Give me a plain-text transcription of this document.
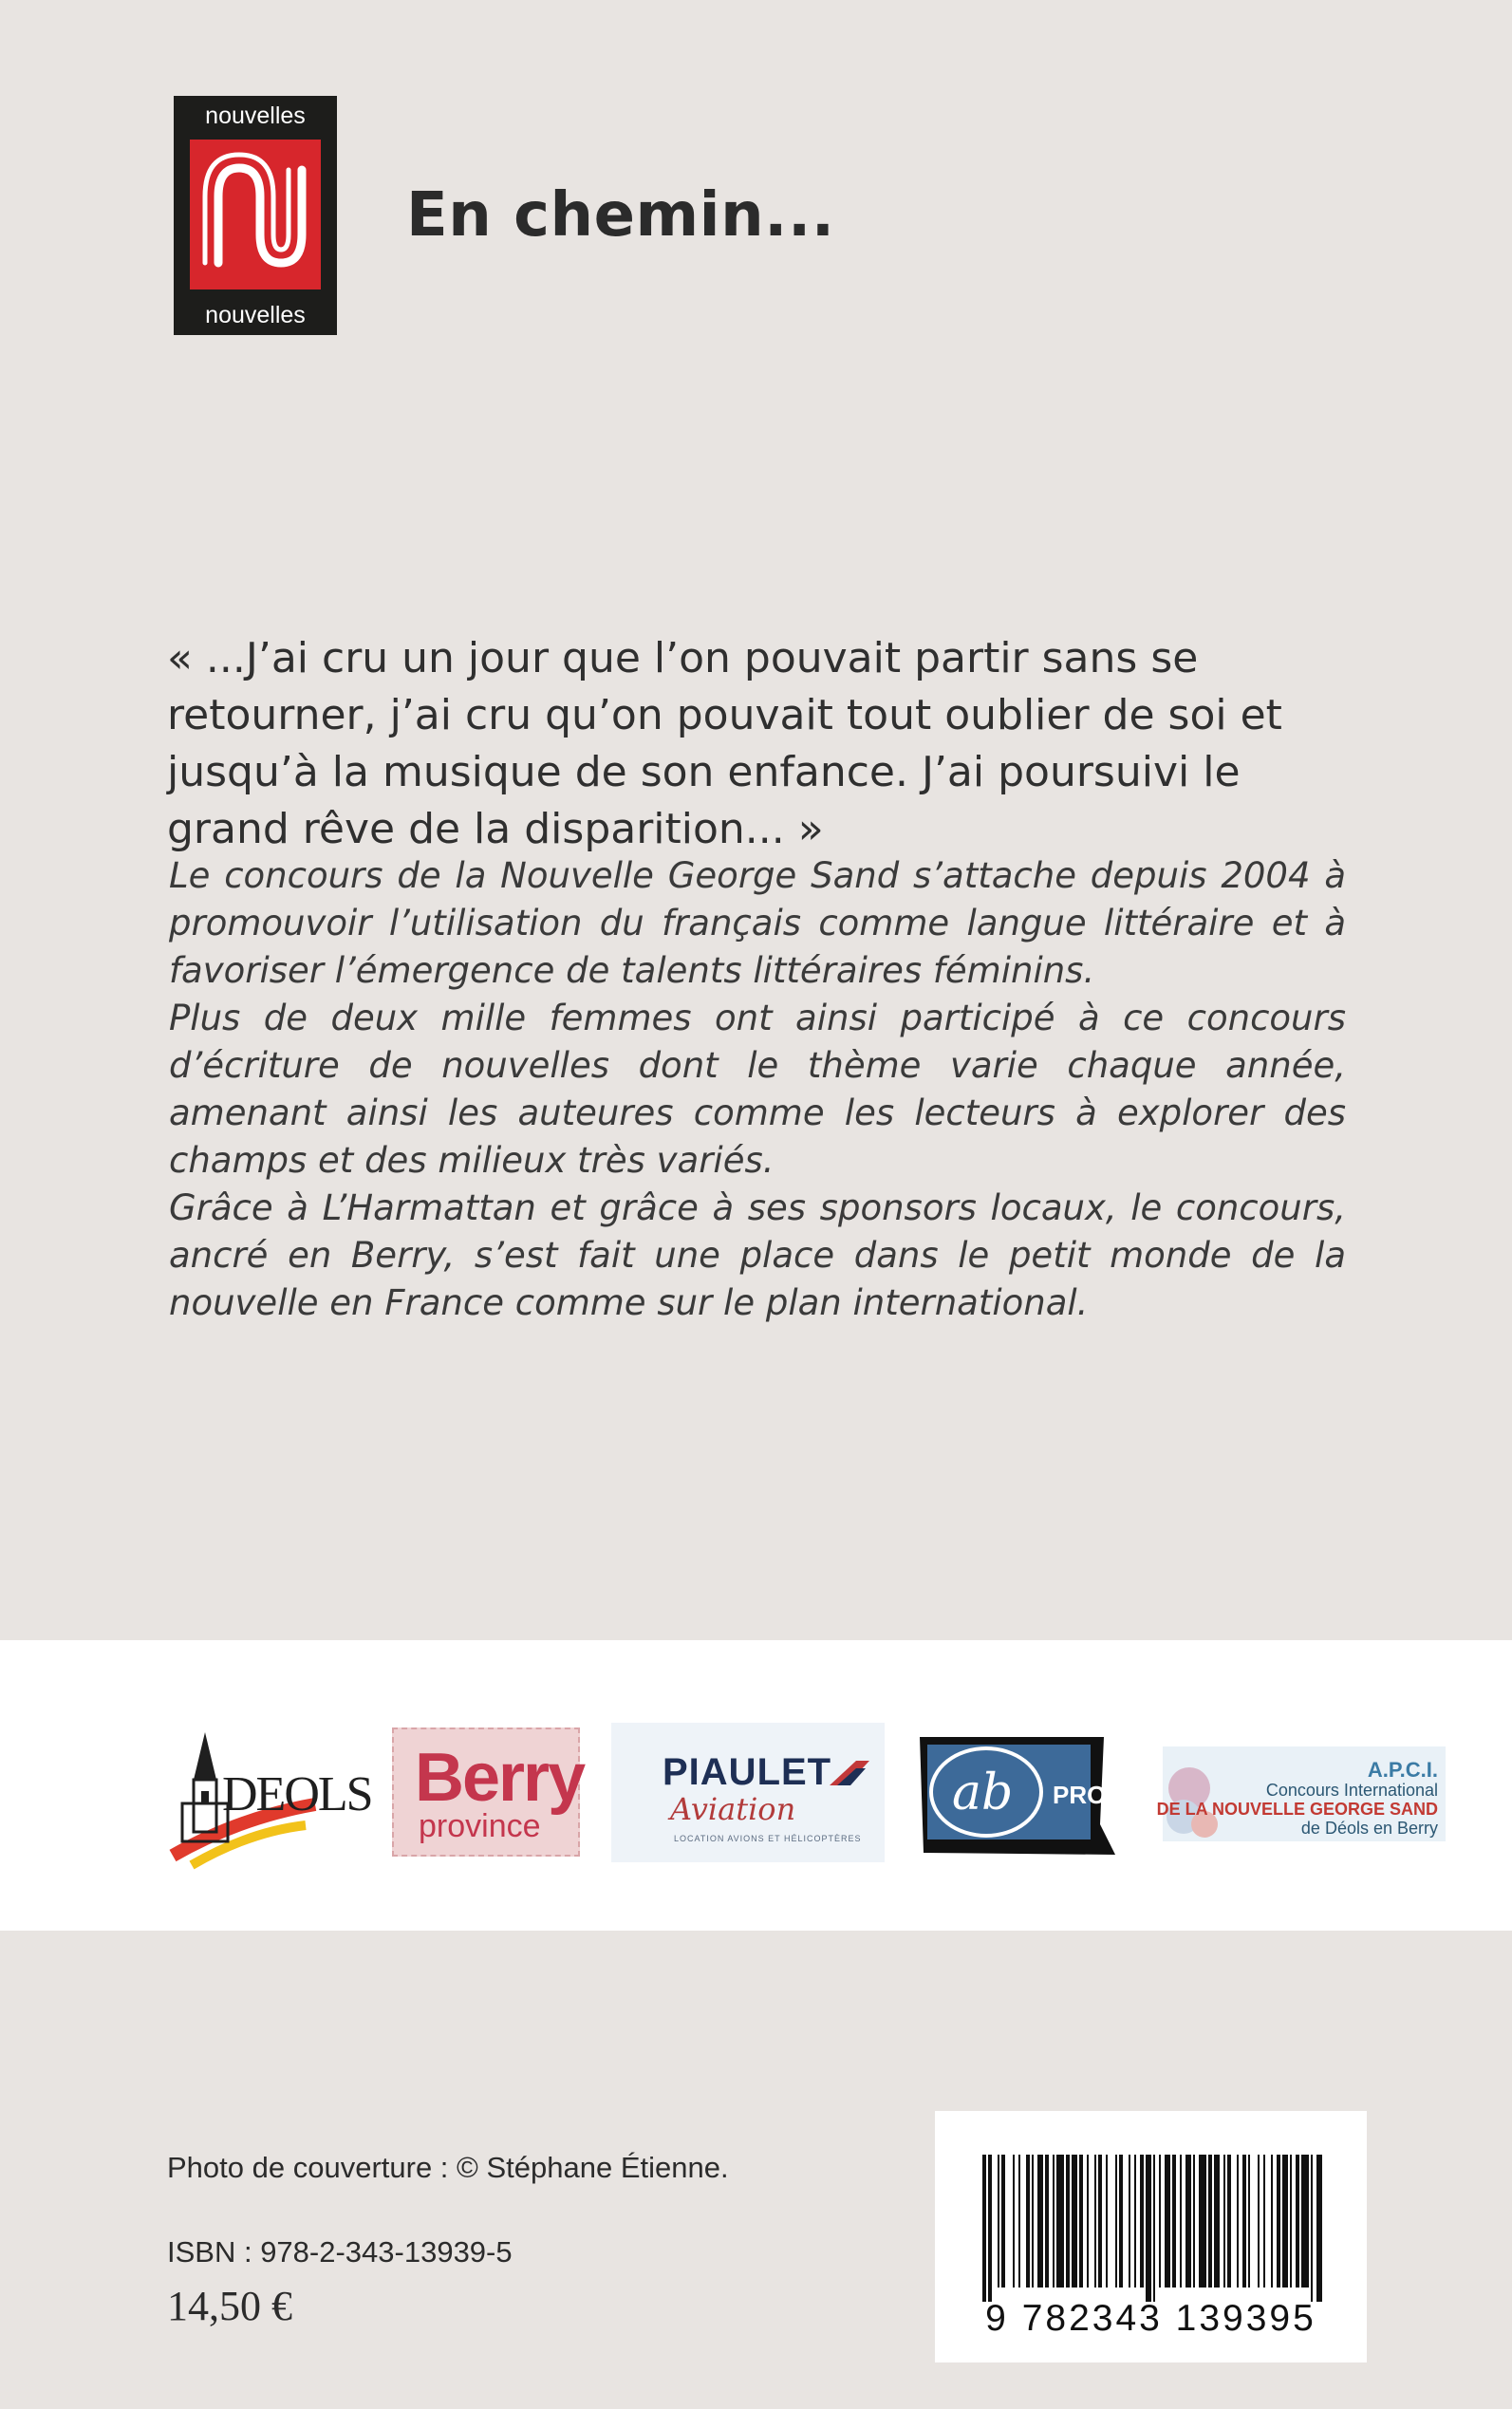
nouvelles
nouvelles
En chemin...
« ...J’ai cru un jour que l’on pouvait partir sans se retourner, j’ai cru qu’on pouvait tout oublier de soi et jusqu’à la musique de son enfance. J’ai poursuivi le grand rêve de la disparition... »

Le concours de la Nouvelle George Sand s’attache depuis 2004 à promouvoir l’utilisation du français comme langue littéraire et à favoriser l’émergence de talents littéraires féminins.

Plus de deux mille femmes ont ainsi participé à ce concours d’écriture de nouvelles dont le thème varie chaque année, amenant ainsi les auteures comme les lecteurs à explorer des champs et des milieux très variés.

Grâce à L’Harmattan et grâce à ses sponsors locaux, le concours, ancré en Berry, s’est fait une place dans le petit monde de la nouvelle en France comme sur le plan international.

DEOLS Berry
province
PIAULET
Aviation
LOCATION AVIONS ET HÉLICOPTÈRES
ab PROD.
A.P.C.I.
Concours International
DE LA NOUVELLE GEORGE SAND
de Déols en Berry
Photo de couverture : © Stéphane Étienne.
ISBN : 978-2-343-13939-5
14,50 €	9 782343 139395
